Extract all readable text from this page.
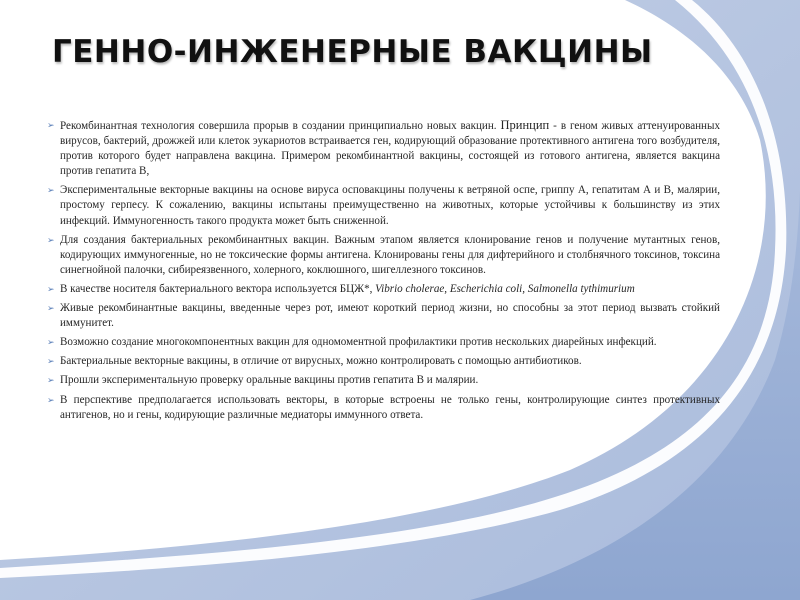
ГЕННО-ИНЖЕНЕРНЫЕ ВАКЦИНЫ
➢ Рекомбинантная технология совершила прорыв в создании принципиально новых вакцин. Принцип - в геном живых аттенуированных вирусов, бактерий, дрожжей или клеток эукариотов встраивается ген, кодирующий образование протективного антигена того возбудителя, против которого будет направлена вакцина. Примером рекомбинантной вакцины, состоящей из готового антигена, является вакцина против гепатита В,
➢ Экспериментальные векторные вакцины на основе вируса осповакцины получены к ветряной оспе, гриппу А, гепатитам А и В, малярии, простому герпесу. К сожалению, вакцины испытаны преимущественно на животных, которые устойчивы к большинству из этих инфекций. Иммуногенность такого продукта может быть сниженной.
➢ Для создания бактериальных рекомбинантных вакцин. Важным этапом является клонирование генов и получение мутантных генов, кодирующих иммуногенные, но не токсические формы антигена. Клонированы гены для дифтерийного и столбнячного токсинов, токсина синегнойной палочки, сибиреязвенного, холерного, коклюшного, шигеллезного токсинов.
➢ В качестве носителя бактериального вектора используется БЦЖ*, Vibrio cholerae, Escherichia coli, Salmonella tythimurium
➢ Живые рекомбинантные вакцины, введенные через рот, имеют короткий период жизни, но способны за этот период вызвать стойкий иммунитет.
➢ Возможно создание многокомпонентных вакцин для одномоментной профилактики против нескольких диарейных инфекций.
➢ Бактериальные векторные вакцины, в отличие от вирусных, можно контролировать с помощью антибиотиков.
➢ Прошли экспериментальную проверку оральные вакцины против гепатита В и малярии.
➢ В перспективе предполагается использовать векторы, в которые встроены не только гены, контролирующие синтез протективных антигенов, но и гены, кодирующие различные медиаторы иммунного ответа.
